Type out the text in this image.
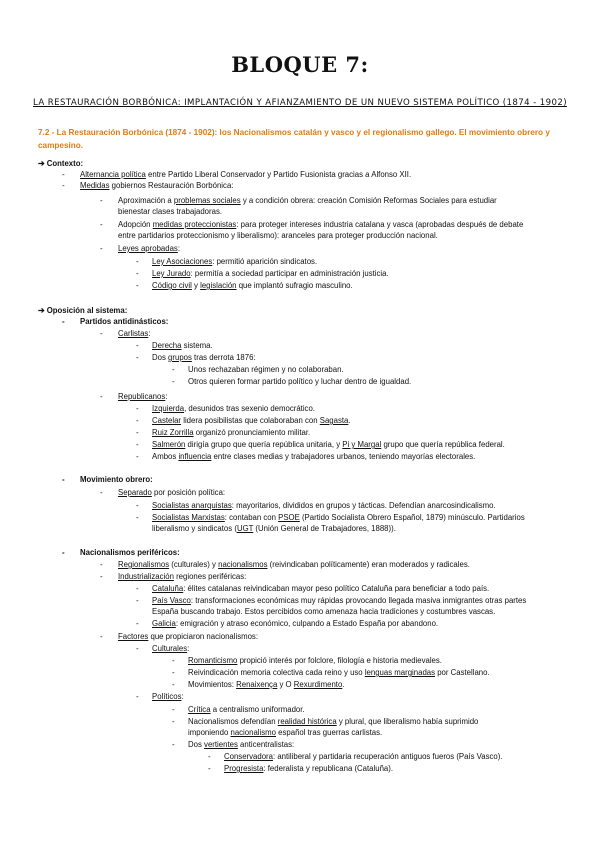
BLOQUE 7:
LA RESTAURACIÓN BORBÓNICA: IMPLANTACIÓN Y AFIANZAMIENTO DE UN NUEVO SISTEMA POLÍTICO (1874 - 1902)
7.2 - La Restauración Borbónica (1874 - 1902): los Nacionalismos catalán y vasco y el regionalismo gallego. El movimiento obrero y campesino.
➔ Contexto:
- Alternancia política entre Partido Liberal Conservador y Partido Fusionista gracias a Alfonso XII.
- Medidas gobiernos Restauración Borbónica:
- Aproximación a problemas sociales y a condición obrera: creación Comisión Reformas Sociales para estudiar
bienestar clases trabajadoras.
- Adopción medidas proteccionistas: para proteger intereses industria catalana y vasca (aprobadas después de debate
entre partidarios proteccionismo y liberalismo): aranceles para proteger producción nacional.
- Leyes aprobadas:
- Ley Asociaciones: permitió aparición sindicatos.
- Ley Jurado: permitía a sociedad participar en administración justicia.
- Código civil y legislación que implantó sufragio masculino.
➔ Oposición al sistema:
- Partidos antidinásticos:
- Carlistas:
- Derecha sistema.
- Dos grupos tras derrota 1876:
- Unos rechazaban régimen y no colaboraban.
- Otros quieren formar partido político y luchar dentro de igualdad.
- Republicanos:
- Izquierda, desunidos tras sexenio democrático.
- Castelar lidera posibilistas que colaboraban con Sagasta.
- Ruiz Zorrilla organizó pronunciamiento militar.
- Salmerón dirigía grupo que quería república unitaria, y Pi y Margal grupo que quería república federal.
- Ambos influencia entre clases medias y trabajadores urbanos, teniendo mayorías electorales.
- Movimiento obrero:
- Separado por posición política:
- Socialistas anarquistas: mayoritarios, divididos en grupos y tácticas. Defendían anarcosindicalismo.
- Socialistas Marxistas: contaban con PSOE (Partido Socialista Obrero Español, 1879) minúsculo. Partidarios
liberalismo y sindicatos (UGT (Unión General de Trabajadores, 1888)).
- Nacionalismos periféricos:
- Regionalismos (culturales) y nacionalismos (reivindicaban políticamente) eran moderados y radicales.
- Industrialización regiones periféricas:
- Cataluña: élites catalanas reivindicaban mayor peso político Cataluña para beneficiar a todo país.
- País Vasco: transformaciones económicas muy rápidas provocando llegada masiva inmigrantes otras partes
España buscando trabajo. Estos percibidos como amenaza hacia tradiciones y costumbres vascas.
- Galicia: emigración y atraso económico, culpando a Estado España por abandono.
- Factores que propiciaron nacionalismos:
- Culturales:
- Romanticismo propició interés por folclore, filología e historia medievales.
- Reivindicación memoria colectiva cada reino y uso lenguas marginadas por Castellano.
- Movimientos: Renaixença y O Rexurdimento.
- Políticos:
- Crítica a centralismo uniformador.
- Nacionalismos defendían realidad histórica y plural, que liberalismo había suprimido
imponiendo nacionalismo español tras guerras carlistas.
- Dos vertientes anticentralistas:
- Conservadora: antiliberal y partidaria recuperación antiguos fueros (País Vasco).
- Progresista: federalista y republicana (Cataluña).
